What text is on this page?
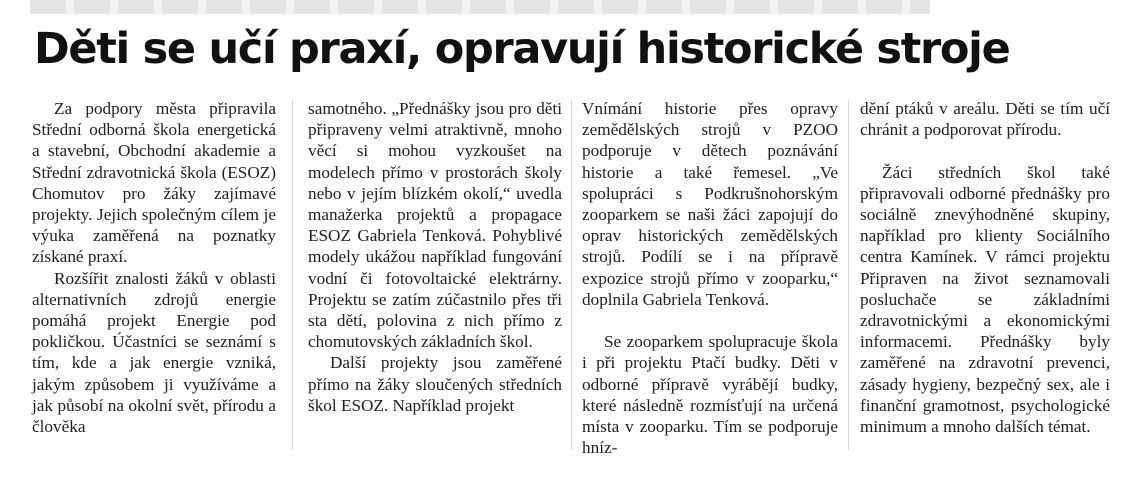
Děti se učí praxí, opravují historické stroje

Za podpory města připravila Střední odborná škola energetická a stavební, Obchodní akademie a Střední zdravotnická škola (ESOZ) Chomutov pro žáky zajímavé projekty. Jejich společným cílem je výuka zaměřená na poznatky získané praxí.

Rozšířit znalosti žáků v oblasti alternativních zdrojů energie pomáhá projekt Energie pod pokličkou. Účastníci se seznámí s tím, kde a jak energie vzniká, jakým způsobem ji využíváme a jak působí na okolní svět, přírodu a člověka

samotného. „Přednášky jsou pro děti připraveny velmi atraktivně, mnoho věcí si mohou vyzkoušet na modelech přímo v prostorách školy nebo v jejím blízkém okolí,“ uvedla manažerka projektů a propagace ESOZ Gabriela Tenková. Pohyblivé modely ukážou například fungování vodní či fotovoltaické elektrárny. Projektu se zatím zúčastnilo přes tři sta dětí, polovina z nich přímo z chomutovských základních škol.

Další projekty jsou zaměřené přímo na žáky sloučených středních škol ESOZ. Například projekt

Vnímání historie přes opravy zemědělských strojů v PZOO podporuje v dětech poznávání historie a také řemesel. „Ve spolupráci s Podkrušnohorským zooparkem se naši žáci zapojují do oprav historických zemědělských strojů. Podílí se i na přípravě expozice strojů přímo v zooparku,“ doplnila Gabriela Tenková.

Se zooparkem spolupracuje škola i při projektu Ptačí budky. Děti v odborné přípravě vyrábějí budky, které následně rozmísťují na určená místa v zooparku. Tím se podporuje hníz-

dění ptáků v areálu. Děti se tím učí chránit a podporovat přírodu.

Žáci středních škol také připravovali odborné přednášky pro sociálně znevýhodněné skupiny, například pro klienty Sociálního centra Kamínek. V rámci projektu Připraven na život seznamovali posluchače se základními zdravotnickými a ekonomickými informacemi. Přednášky byly zaměřené na zdravotní prevenci, zásady hygieny, bezpečný sex, ale i finanční gramotnost, psychologické minimum a mnoho dalších témat.
